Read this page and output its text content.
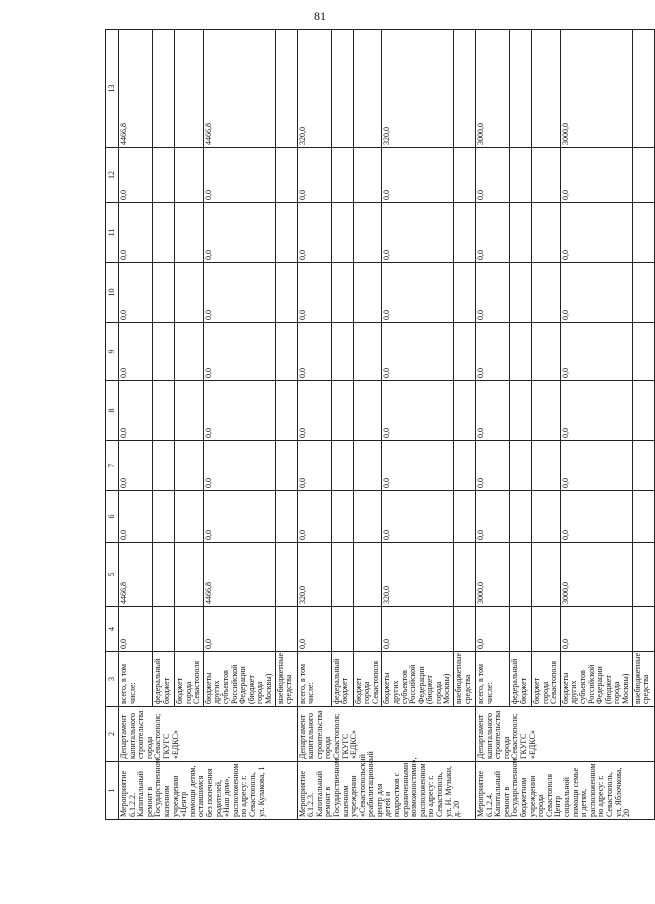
81
1	2	3	4	5	6	7	8	9	10	11	12	13
Мероприятие 6.1.2.2. Капитальный ремонт в Государственном казенном учреждении «Центр помощи детям, оставшимся без попечения родителей, «Наш дом», расположенном по адресу: г. Севастополь, ул. Кулакова, 1	Департамент капитального строительства города Севастополя; ГКУГС «ЕДКС»	всего, в том числе:	0,0	4466,8	0,0	0,0	0,0	0,0	0,0	0,0	0,0	4466,8
		федеральный бюджет										
		бюджет города Севастополя										
		бюджеты других субъектов Российской Федерации (бюджет города Москвы)	0,0	4466,8	0,0	0,0	0,0	0,0	0,0	0,0	0,0	4466,8
		внебюджетные средства										
Мероприятие 6.1.2.3. Капитальный ремонт в Государственном казенном учреждении «Севастопольский реабилитационный центр для детей и подростков с ограниченными возможностями», расположенном по адресу: г. Севастополь, ул. Н. Музыки, д. 20	Департамент капитального строительства города Севастополя; ГКУГС «ЕДКС»	всего, в том числе:	0,0	320,0	0,0	0,0	0,0	0,0	0,0	0,0	0,0	320,0
		федеральный бюджет										
		бюджет города Севастополя										
		бюджеты других субъектов Российской Федерации (бюджет города Москвы)	0,0	320,0	0,0	0,0	0,0	0,0	0,0	0,0	0,0	320,0
		внебюджетные средства										
Мероприятие 6.1.2.4. Капитальный ремонт в Государственном бюджетном учреждении города Севастополя Центр социальной помощи семье и детям, расположенном по адресу: г. Севастополь, ул. Яблочкова, 20	Департамент капитального строительства города Севастополя; ГКУГС «ЕДКС»	всего, в том числе:	0,0	3000,0	0,0	0,0	0,0	0,0	0,0	0,0	0,0	3000,0
		федеральный бюджет										
		бюджет города Севастополя										
		бюджеты других субъектов Российской Федерации (бюджет города Москвы)	0,0	3000,0	0,0	0,0	0,0	0,0	0,0	0,0	0,0	3000,0
		внебюджетные средства										
